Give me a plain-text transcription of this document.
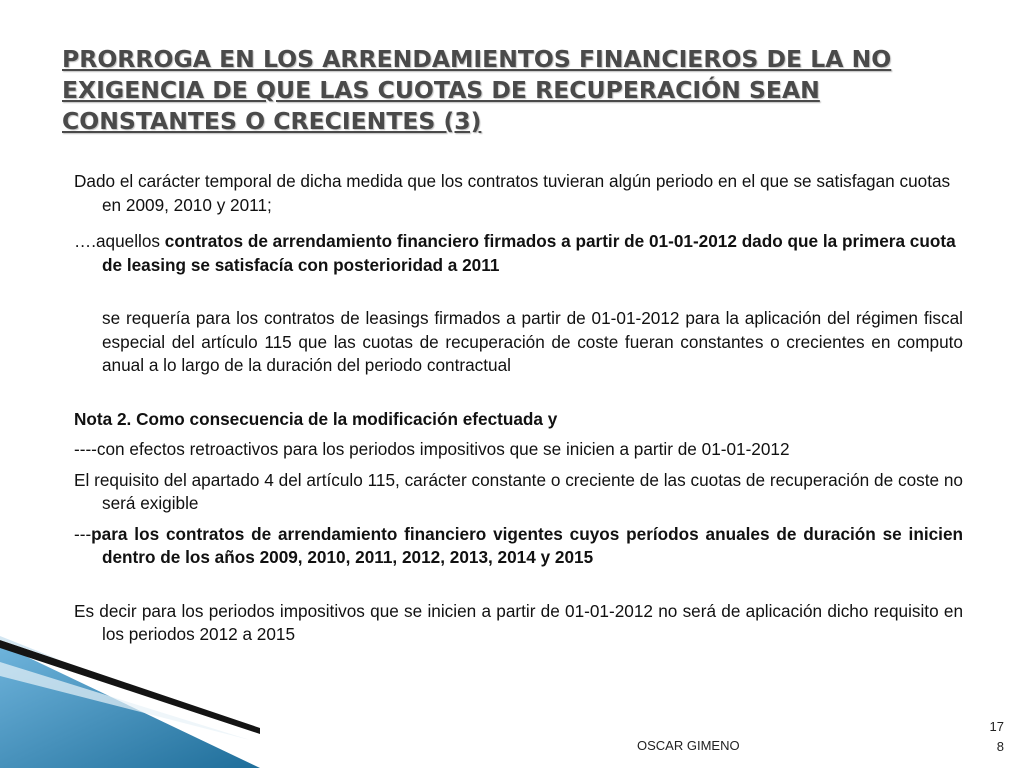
PRORROGA EN LOS ARRENDAMIENTOS FINANCIEROS DE LA NO EXIGENCIA DE QUE LAS CUOTAS DE RECUPERACIÓN SEAN CONSTANTES O CRECIENTES (3)

Dado el carácter temporal de dicha medida que los contratos tuvieran algún periodo en el que se satisfagan cuotas en 2009, 2010 y 2011;

….aquellos contratos de arrendamiento financiero firmados a partir de 01-01-2012 dado que la primera cuota de leasing se satisfacía con posterioridad a 2011

se requería para los contratos de leasings firmados a partir de 01-01-2012 para la aplicación del régimen fiscal especial del artículo 115 que las cuotas de recuperación de coste fueran constantes o crecientes en computo anual a lo largo de la duración del periodo contractual

Nota 2. Como consecuencia de la modificación efectuada y

----con efectos retroactivos para los periodos impositivos que se inicien a partir de 01-01-2012

El requisito del apartado 4 del artículo 115, carácter constante o creciente de las cuotas de recuperación de coste no será exigible

---para los contratos de arrendamiento financiero vigentes cuyos períodos anuales de duración se inicien dentro de los años 2009, 2010, 2011, 2012, 2013, 2014 y 2015

Es decir para los periodos impositivos que se inicien a partir de 01-01-2012 no será de aplicación dicho requisito en los periodos 2012 a 2015

OSCAR GIMENO
17
8
